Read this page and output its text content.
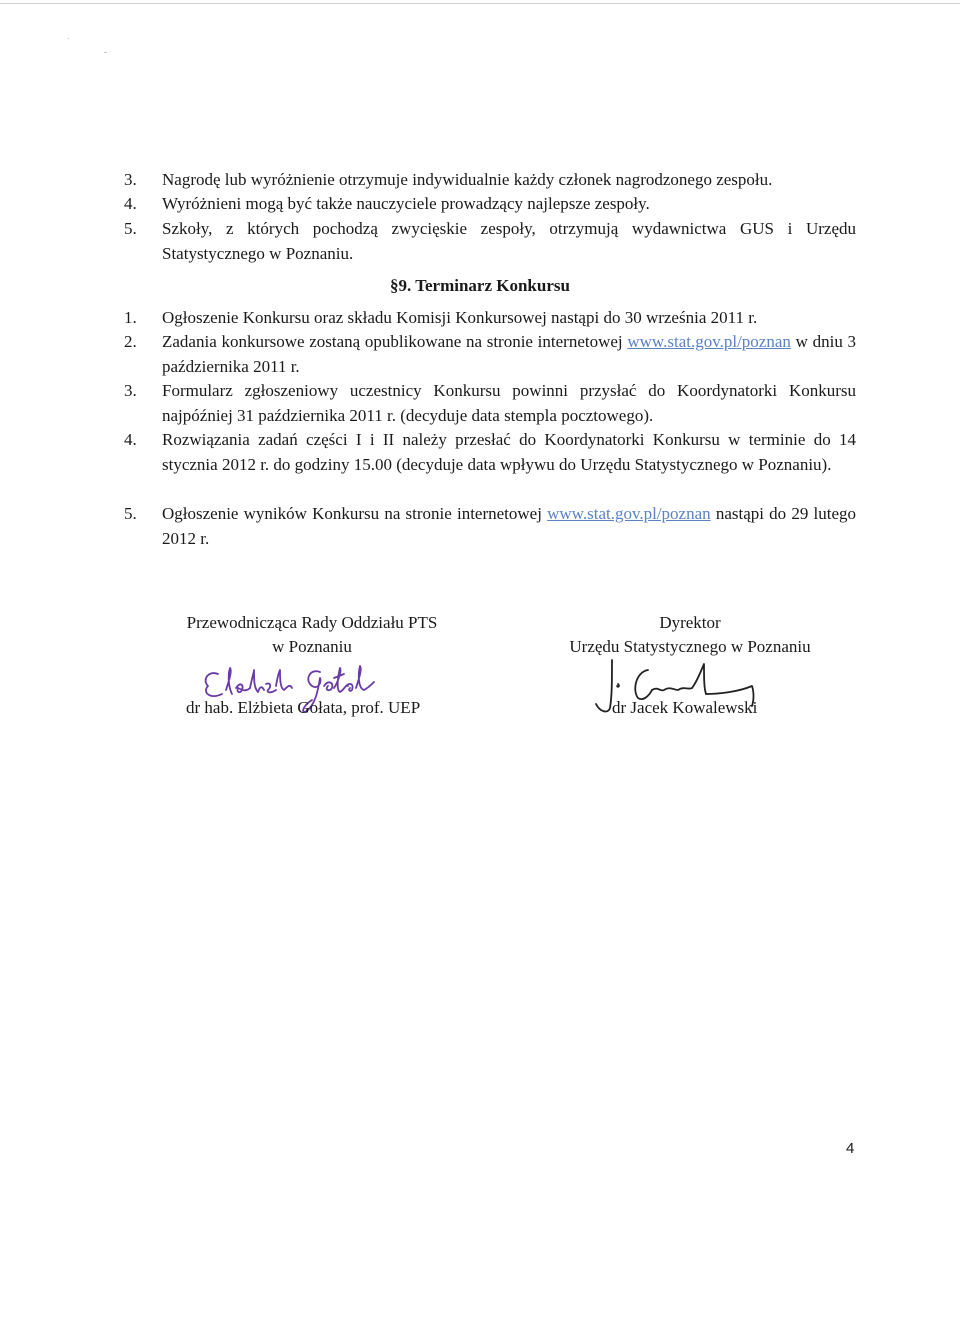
3. Nagrodę lub wyróżnienie otrzymuje indywidualnie każdy członek nagrodzonego zespołu.
4. Wyróżnieni mogą być także nauczyciele prowadzący najlepsze zespoły.
5. Szkoły, z których pochodzą zwycięskie zespoły, otrzymują wydawnictwa GUS i Urzędu Statystycznego w Poznaniu.
§9. Terminarz Konkursu
1. Ogłoszenie Konkursu oraz składu Komisji Konkursowej nastąpi do 30 września 2011 r.
2. Zadania konkursowe zostaną opublikowane na stronie internetowej www.stat.gov.pl/poznan w dniu 3 października 2011 r.
3. Formularz zgłoszeniowy uczestnicy Konkursu powinni przysłać do Koordynatorki Konkursu najpóźniej 31 października 2011 r. (decyduje data stempla pocztowego).
4. Rozwiązania zadań części I i II należy przesłać do Koordynatorki Konkursu w terminie do 14 stycznia 2012 r. do godziny 15.00 (decyduje data wpływu do Urzędu Statystycznego w Poznaniu).
5. Ogłoszenie wyników Konkursu na stronie internetowej www.stat.gov.pl/poznan nastąpi do 29 lutego 2012 r.
Przewodnicząca Rady Oddziału PTS
w Poznaniu
dr hab. Elżbieta Gołata, prof. UEP
Dyrektor
Urzędu Statystycznego w Poznaniu
dr Jacek Kowalewski
4
